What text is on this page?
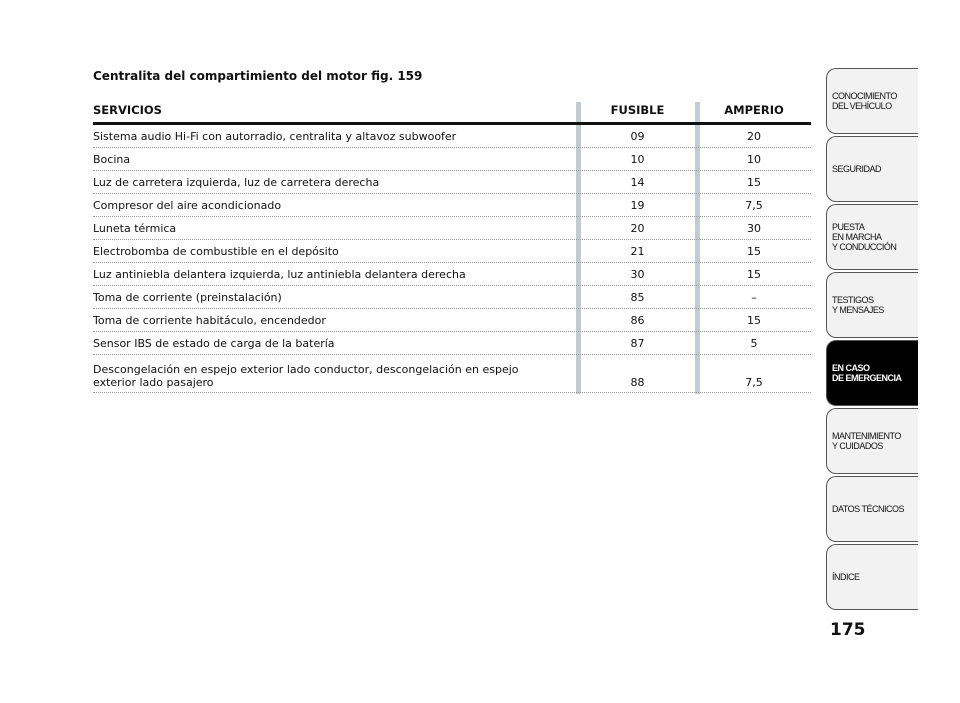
Centralita del compartimiento del motor fig. 159
SERVICIOS	FUSIBLE	AMPERIO
Sistema audio Hi-Fi con autorradio, centralita y altavoz subwoofer	09	20
Bocina	10	10
Luz de carretera izquierda, luz de carretera derecha	14	15
Compresor del aire acondicionado	19	7,5
Luneta térmica	20	30
Electrobomba de combustible en el depósito	21	15
Luz antiniebla delantera izquierda, luz antiniebla delantera derecha	30	15
Toma de corriente (preinstalación)	85	–
Toma de corriente habitáculo, encendedor	86	15
Sensor IBS de estado de carga de la batería	87	5
Descongelación en espejo exterior lado conductor, descongelación en espejo
exterior lado pasajero	88	7,5
CONOCIMIENTO
DEL VEHÍCULO
SEGURIDAD
PUESTA
EN MARCHA
Y CONDUCCIÓN
TESTIGOS
Y MENSAJES
EN CASO
DE EMERGENCIA
MANTENIMIENTO
Y CUIDADOS
DATOS TÉCNICOS
ÍNDICE
175
